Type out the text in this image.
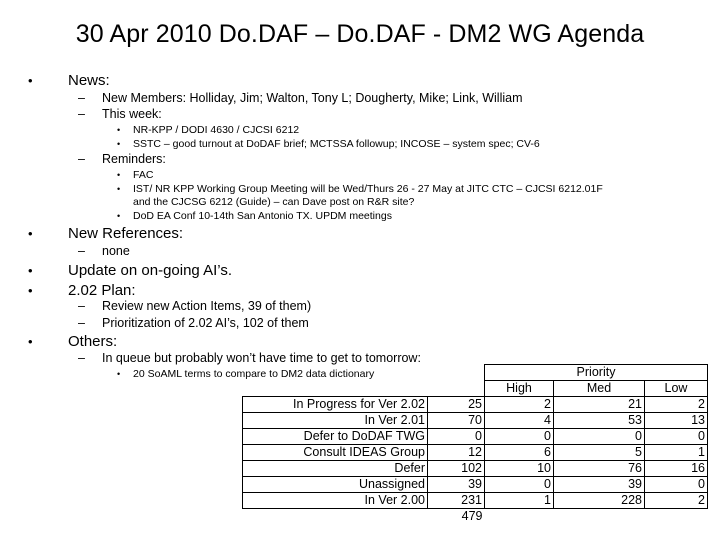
30 Apr 2010 Do.DAF – Do.DAF - DM2 WG Agenda
• News:
– New Members: Holliday, Jim; Walton, Tony L; Dougherty, Mike; Link, William
– This week:
• NR-KPP / DODI 4630 / CJCSI 6212
• SSTC – good turnout at DoDAF brief; MCTSSA followup; INCOSE – system spec; CV-6
– Reminders:
• FAC
• IST/ NR KPP Working Group Meeting will be Wed/Thurs 26 - 27 May at JITC CTC – CJCSI 6212.01F
and the CJCSG 6212 (Guide) – can Dave post on R&R site?
• DoD EA Conf 10-14th San Antonio TX. UPDM meetings
• New References:
– none
• Update on on-going AI’s.
• 2.02 Plan:
– Review new Action Items, 39 of them)
– Prioritization of 2.02 AI’s, 102 of them
• Others:
– In queue but probably won’t have time to get to tomorrow:
• 20 SoAML terms to compare to DM2 data dictionary
			Priority		
		High	Med	Low
In Progress for Ver 2.02	25	2	21	2
In Ver 2.01	70	4	53	13
Defer to DoDAF TWG	0	0	0	0
Consult IDEAS Group	12	6	5	1
Defer	102	10	76	16
Unassigned	39	0	39	0
In Ver 2.00	231	1	228	2
	479			
